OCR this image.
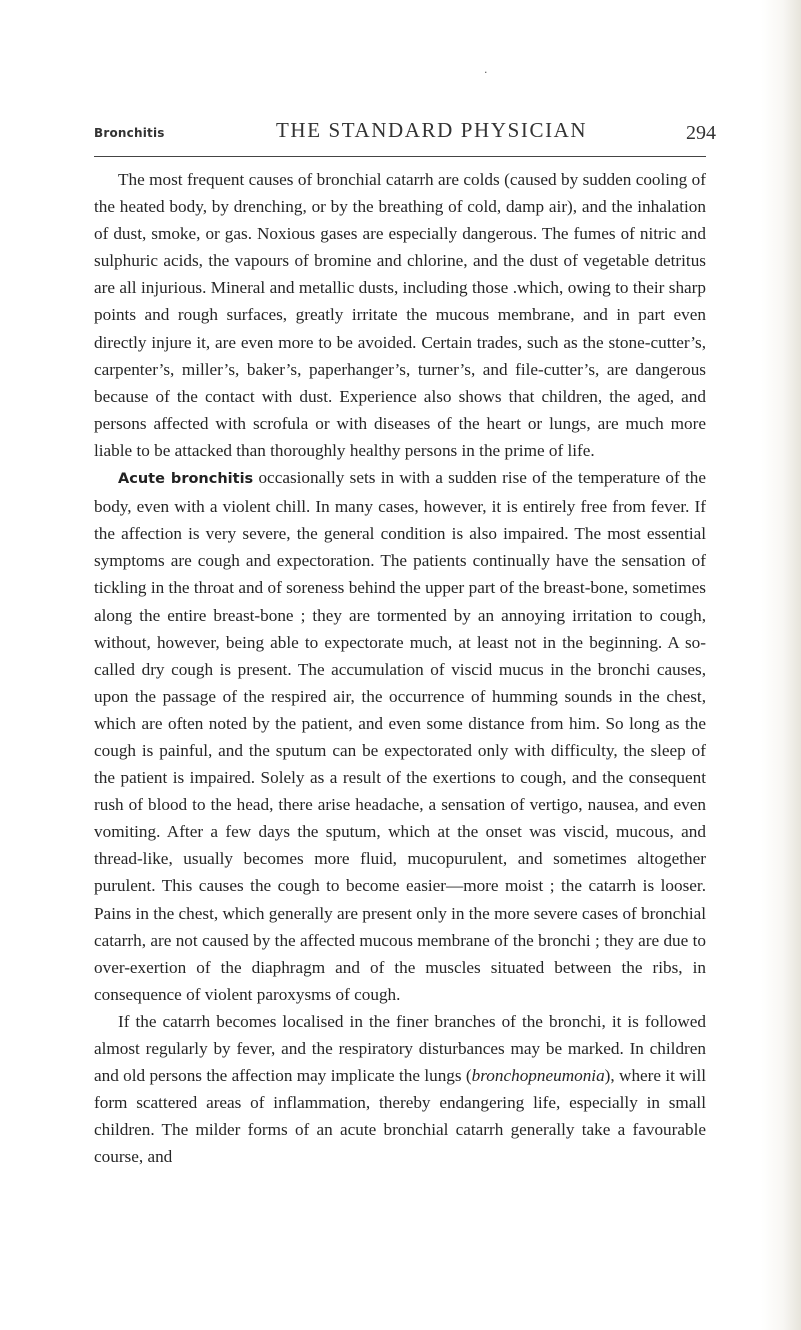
·
Bronchitis	THE STANDARD PHYSICIAN	294

The most frequent causes of bronchial catarrh are colds (caused by sudden cooling of the heated body, by drenching, or by the breathing of cold, damp air), and the inhalation of dust, smoke, or gas. Noxious gases are especially dangerous. The fumes of nitric and sulphuric acids, the vapours of bromine and chlorine, and the dust of vegetable detritus are all injurious. Mineral and metallic dusts, including those .which, owing to their sharp points and rough surfaces, greatly irritate the mucous membrane, and in part even directly injure it, are even more to be avoided. Certain trades, such as the stone-cutter’s, carpenter’s, miller’s, baker’s, paperhanger’s, turner’s, and file-cutter’s, are dangerous because of the contact with dust. Experience also shows that children, the aged, and persons affected with scrofula or with diseases of the heart or lungs, are much more liable to be attacked than thoroughly healthy persons in the prime of life.

Acute bronchitis occasionally sets in with a sudden rise of the temperature of the body, even with a violent chill. In many cases, however, it is entirely free from fever. If the affection is very severe, the general condition is also impaired. The most essential symptoms are cough and expectoration. The patients continually have the sensation of tickling in the throat and of soreness behind the upper part of the breast-bone, sometimes along the entire breast-bone ; they are tormented by an annoying irritation to cough, without, however, being able to expectorate much, at least not in the beginning. A so-called dry cough is present. The accumulation of viscid mucus in the bronchi causes, upon the passage of the respired air, the occurrence of humming sounds in the chest, which are often noted by the patient, and even some distance from him. So long as the cough is painful, and the sputum can be expectorated only with difficulty, the sleep of the patient is impaired. Solely as a result of the exertions to cough, and the consequent rush of blood to the head, there arise headache, a sensation of vertigo, nausea, and even vomiting. After a few days the sputum, which at the onset was viscid, mucous, and thread-like, usually becomes more fluid, mucopurulent, and sometimes altogether purulent. This causes the cough to become easier—more moist ; the catarrh is looser. Pains in the chest, which generally are present only in the more severe cases of bronchial catarrh, are not caused by the affected mucous membrane of the bronchi ; they are due to over-exertion of the diaphragm and of the muscles situated between the ribs, in consequence of violent paroxysms of cough.

If the catarrh becomes localised in the finer branches of the bronchi, it is followed almost regularly by fever, and the respiratory disturbances may be marked. In children and old persons the affection may implicate the lungs (bronchopneumonia), where it will form scattered areas of inflammation, thereby endangering life, especially in small children. The milder forms of an acute bronchial catarrh generally take a favourable course, and
